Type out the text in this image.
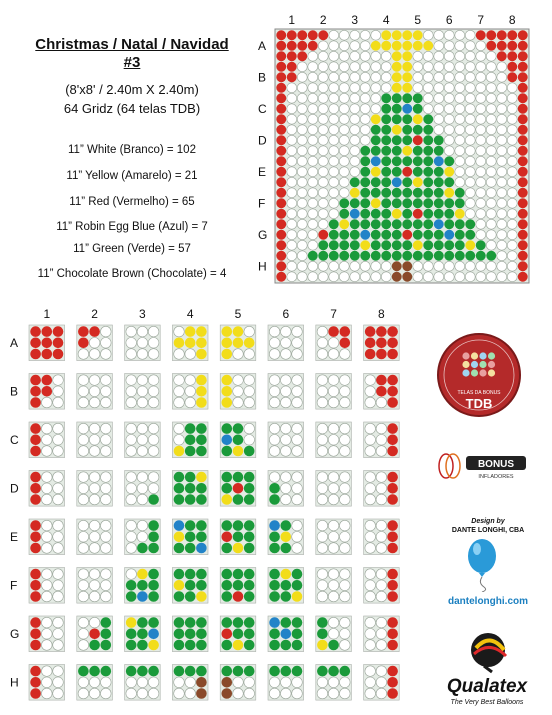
Christmas / Natal / Navidad
#3
(8'x8' / 2.40m X 2.40m)
64 Gridz (64 telas TDB)
11” White (Branco) = 102
11” Yellow (Amarelo) = 21
11” Red (Vermelho) = 65
11” Robin Egg Blue (Azul) = 7
11” Green (Verde) = 57
11” Chocolate Brown (Chocolate) = 4
1 2 3 4 5 6 7 8
A
B
C
D
E
F
G
H
1	2	3	4	5	6	7	8
A
B
C
D
E
F
G
H
TELAS DA BONUS
TDB
BONUS
INFLADORES
Design by
DANTE LONGHI, CBA
dantelonghi.com
Qualatex
The Very Best Balloons
